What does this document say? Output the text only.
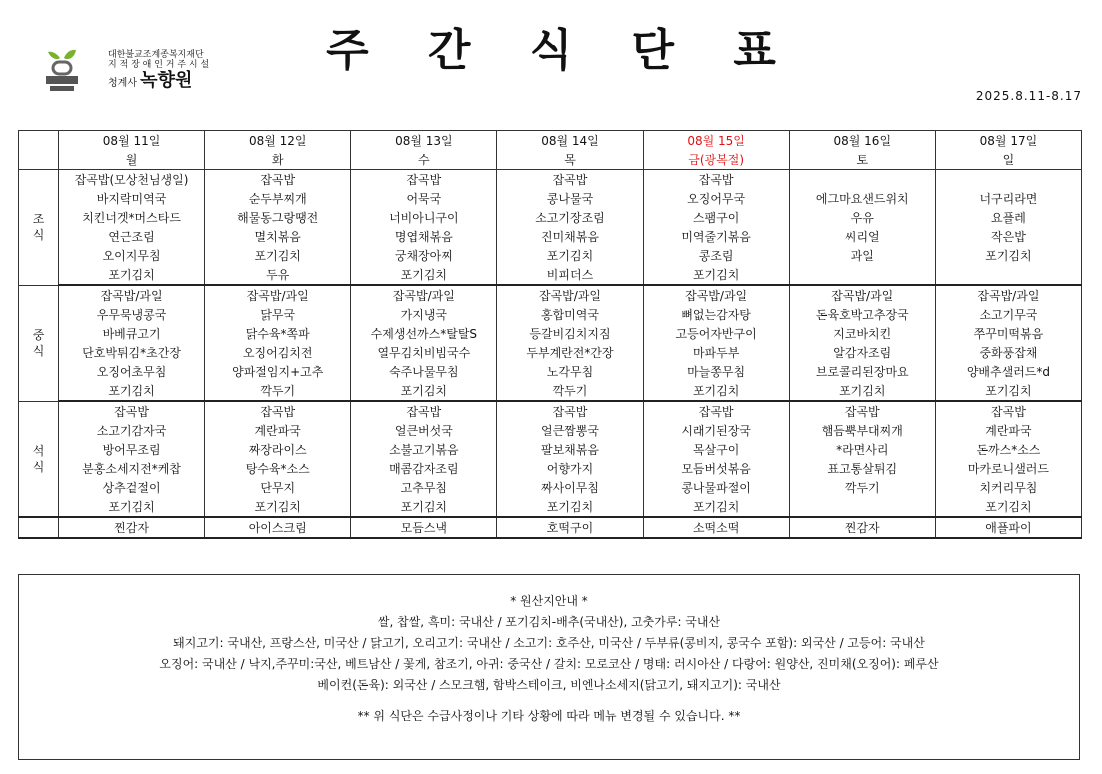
주 간 식 단 표
대한불교조계종복지재단
지 적 장 애 인 거 주 시 설
청계사 녹향원
2025.8.11-8.17
	08월 11일	08월 12일	08월 13일	08월 14일	08월 15일	08월 16일	08월 17일
	월	화	수	목	금(광복절)	토	일

조
식	잡곡밥(모상천님생일)	잡곡밥	잡곡밥	잡곡밥	잡곡밥		
	바지락미역국	순두부찌개	어묵국	콩나물국	오징어무국	에그마요샌드위치	너구리라면
	치킨너겟*머스타드	해물동그랑땡전	너비아니구이	소고기장조림	스팸구이	우유	요플레
	연근조림	멸치볶음	명엽채볶음	진미채볶음	미역줄기볶음	씨리얼	작은밥
	오이지무침	포기김치	궁채장아찌	포기김치	콩조림	과일	포기김치
	포기김치	두유	포기김치	비피더스	포기김치		

중
식	잡곡밥/과일	잡곡밥/과일	잡곡밥/과일	잡곡밥/과일	잡곡밥/과일	잡곡밥/과일	잡곡밥/과일
	우무묵냉콩국	닭무국	가지냉국	홍합미역국	뼈없는감자탕	돈육호박고추장국	소고기무국
	바베큐고기	닭수육*쪽파	수제생선까스*탈탈S	등갈비김치지짐	고등어자반구이	지코바치킨	쭈꾸미떡볶음
	단호박튀김*초간장	오징어김치전	열무김치비빔국수	두부계란전*간장	마파두부	알감자조림	중화풍잡채
	오징어초무침	양파절임지+고추	숙주나물무침	노각무침	마늘쫑무침	브로콜리된장마요	양배추샐러드*d
	포기김치	깍두기	포기김치	깍두기	포기김치	포기김치	포기김치

석
식	잡곡밥	잡곡밥	잡곡밥	잡곡밥	잡곡밥	잡곡밥	잡곡밥
	소고기감자국	계란파국	얼큰버섯국	얼큰짬뽕국	시래기된장국	햄듬뿍부대찌개	계란파국
	방어무조림	짜장라이스	소불고기볶음	팔보채볶음	목살구이	*라면사리	돈까스*소스
	분홍소세지전*케찹	탕수육*소스	매콤감자조림	어향가지	모듬버섯볶음	표고통살튀김	마카로니샐러드
	상추겉절이	단무지	고추무침	짜사이무침	콩나물파절이	깍두기	치커리무침
	포기김치	포기김치	포기김치	포기김치	포기김치		포기김치
	찐감자	아이스크림	모듬스낵	호떡구이	소떡소떡	찐감자	애플파이
* 원산지안내 *
쌀, 찹쌀, 흑미: 국내산 / 포기김치-배추(국내산), 고춧가루: 국내산
돼지고기: 국내산, 프랑스산, 미국산 / 닭고기, 오리고기: 국내산 / 소고기: 호주산, 미국산 / 두부류(콩비지, 콩국수 포함): 외국산 / 고등어: 국내산
오징어: 국내산 / 낙지,주꾸미:국산, 베트남산 / 꽃게, 참조기, 아귀: 중국산 / 갈치: 모로코산 / 명태: 러시아산 / 다랑어: 원양산, 진미채(오징어): 페루산
베이컨(돈육): 외국산 / 스모크햄, 함박스테이크, 비엔나소세지(닭고기, 돼지고기): 국내산
** 위 식단은 수급사정이나 기타 상황에 따라 메뉴 변경될 수 있습니다. **
